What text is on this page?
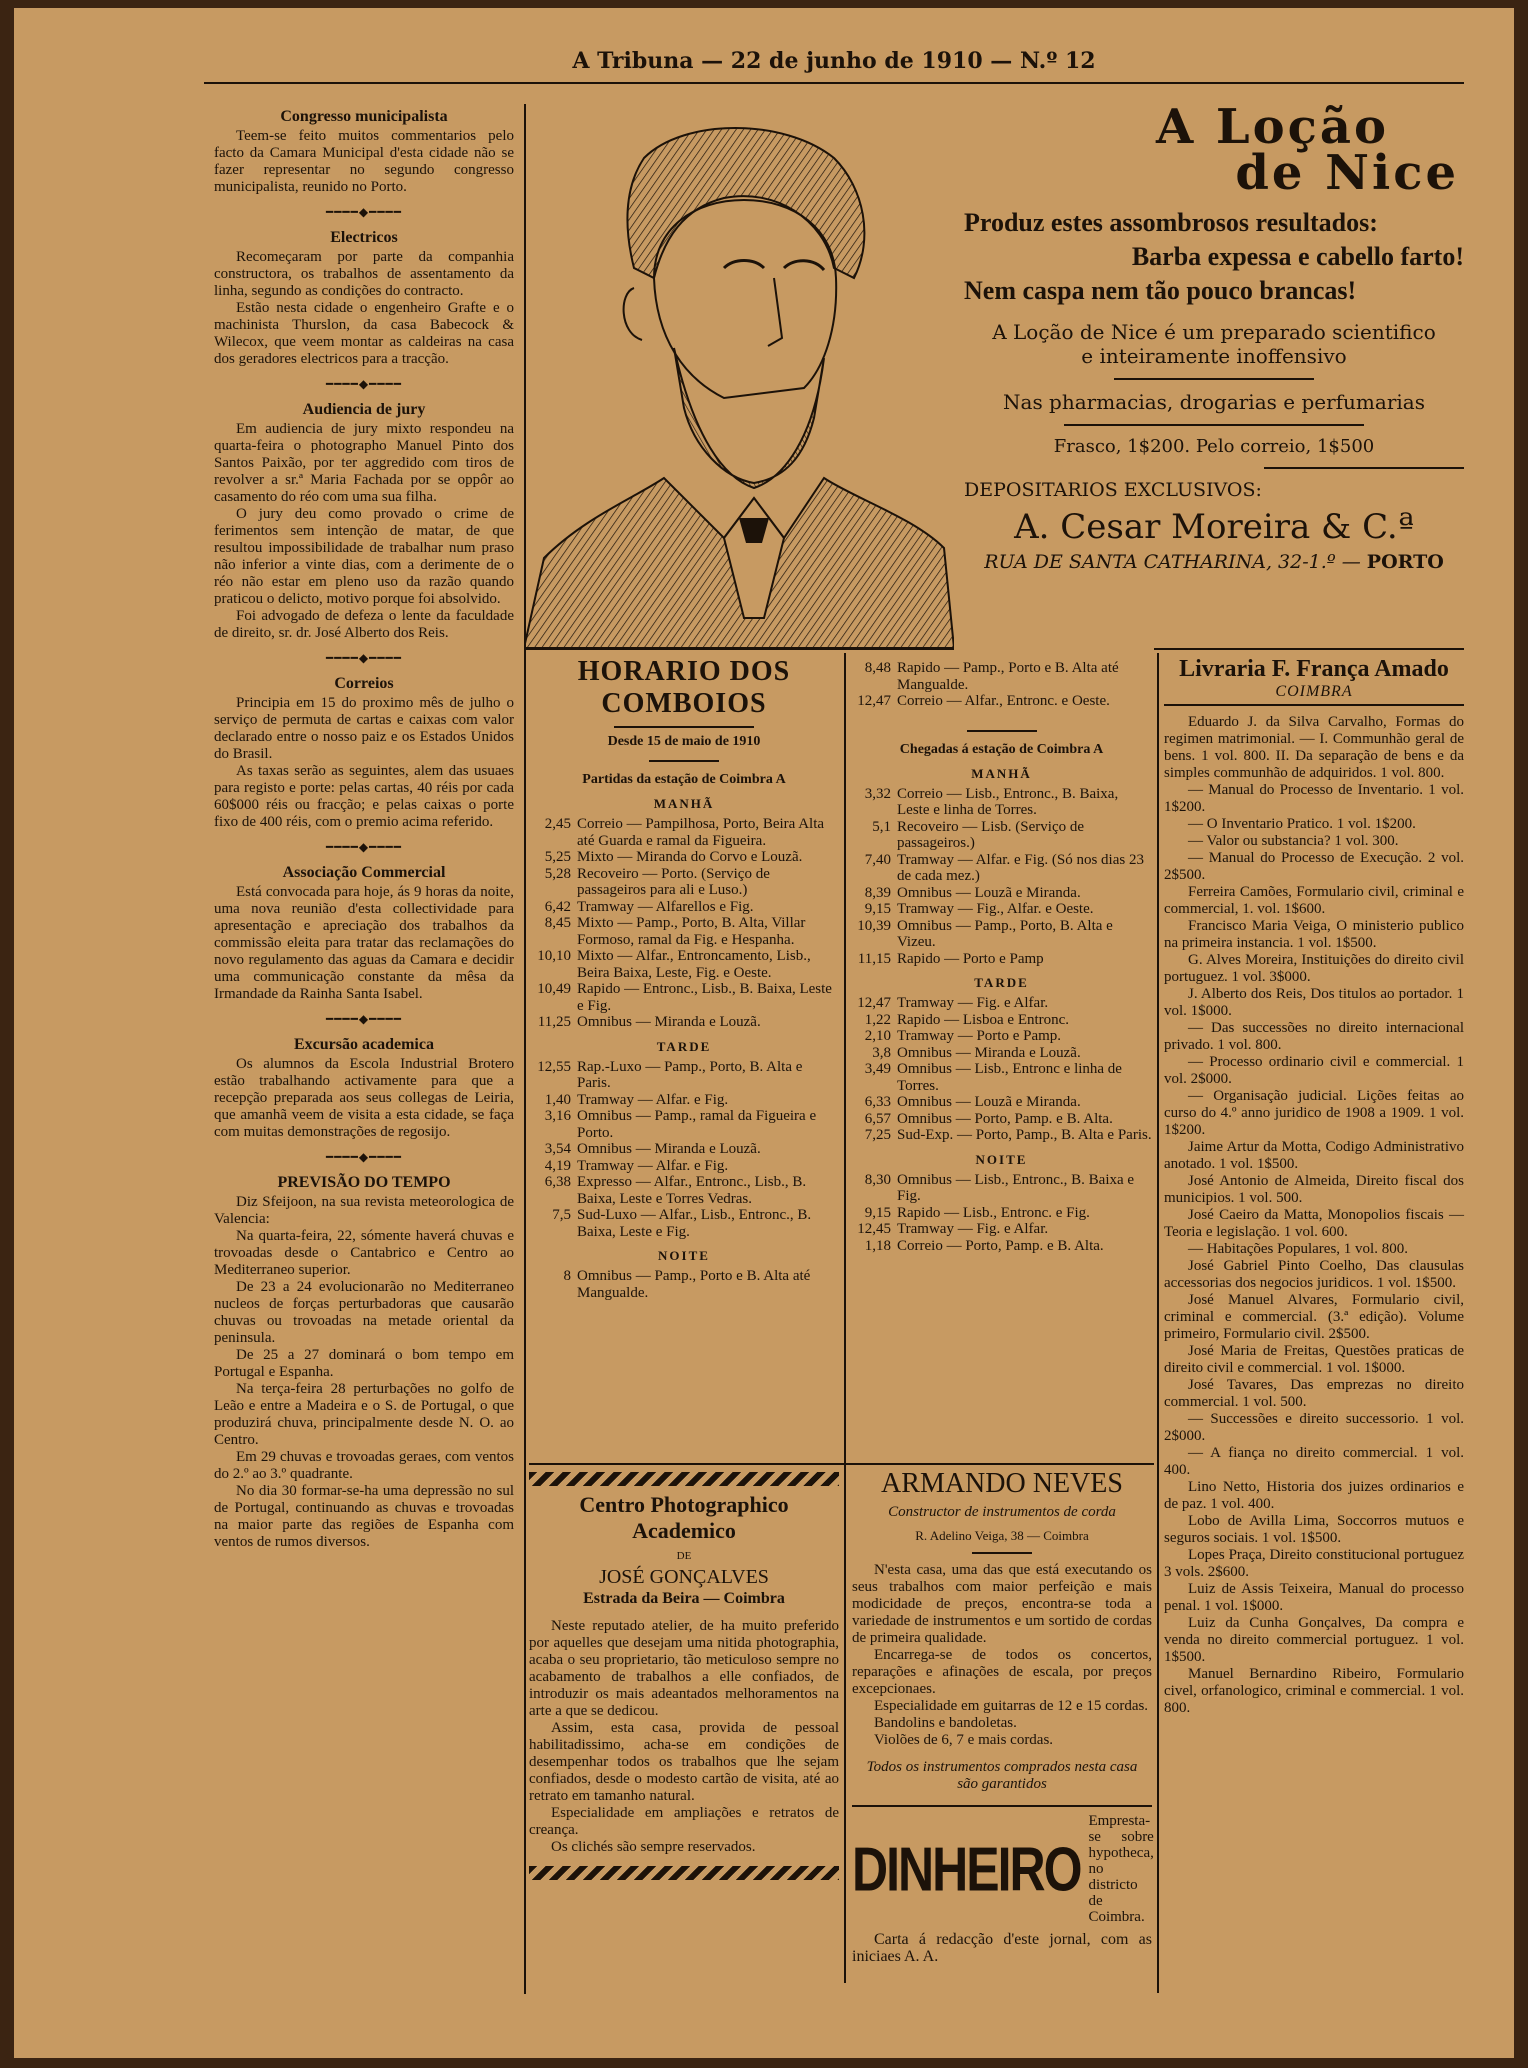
A Tribuna — 22 de junho de 1910 — N.º 12
Congresso municipalista

Teem-se feito muitos commentarios pelo facto da Camara Municipal d'esta cidade não se fazer representar no segundo congresso municipalista, reunido no Porto.

━━━━◆━━━━
Electricos

Recomeçaram por parte da companhia constructora, os trabalhos de assentamento da linha, segundo as condições do contracto.

Estão nesta cidade o engenheiro Grafte e o machinista Thurslon, da casa Babecock & Wilecox, que veem montar as caldeiras na casa dos geradores electricos para a tracção.

━━━━◆━━━━
Audiencia de jury

Em audiencia de jury mixto respondeu na quarta-feira o photographo Manuel Pinto dos Santos Paixão, por ter aggredido com tiros de revolver a sr.ª Maria Fachada por se oppôr ao casamento do réo com uma sua filha.

O jury deu como provado o crime de ferimentos sem intenção de matar, de que resultou impossibilidade de trabalhar num praso não inferior a vinte dias, com a derimente de o réo não estar em pleno uso da razão quando praticou o delicto, motivo porque foi absolvido.

Foi advogado de defeza o lente da faculdade de direito, sr. dr. José Alberto dos Reis.

━━━━◆━━━━
Correios

Principia em 15 do proximo mês de julho o serviço de permuta de cartas e caixas com valor declarado entre o nosso paiz e os Estados Unidos do Brasil.

As taxas serão as seguintes, alem das usuaes para registo e porte: pelas cartas, 40 réis por cada 60$000 réis ou fracção; e pelas caixas o porte fixo de 400 réis, com o premio acima referido.

━━━━◆━━━━
Associação Commercial

Está convocada para hoje, ás 9 horas da noite, uma nova reunião d'esta collectividade para apresentação e apreciação dos trabalhos da commissão eleita para tratar das reclamações do novo regulamento das aguas da Camara e decidir uma communicação constante da mêsa da Irmandade da Rainha Santa Isabel.

━━━━◆━━━━
Excursão academica

Os alumnos da Escola Industrial Brotero estão trabalhando activamente para que a recepção preparada aos seus collegas de Leiria, que amanhã veem de visita a esta cidade, se faça com muitas demonstrações de regosijo.

━━━━◆━━━━
PREVISÃO DO TEMPO

Diz Sfeijoon, na sua revista meteorologica de Valencia:

Na quarta-feira, 22, sómente haverá chuvas e trovoadas desde o Cantabrico e Centro ao Mediterraneo superior.

De 23 a 24 evolucionarão no Mediterraneo nucleos de forças perturbadoras que causarão chuvas ou trovoadas na metade oriental da peninsula.

De 25 a 27 dominará o bom tempo em Portugal e Espanha.

Na terça-feira 28 perturbações no golfo de Leão e entre a Madeira e o S. de Portugal, o que produzirá chuva, principalmente desde N. O. ao Centro.

Em 29 chuvas e trovoadas geraes, com ventos do 2.º ao 3.º quadrante.

No dia 30 formar-se-ha uma depressão no sul de Portugal, continuando as chuvas e trovoadas na maior parte das regiões de Espanha com ventos de rumos diversos.

A Loção
de Nice
Produz estes assombrosos resultados:
Barba expessa e cabello farto!
Nem caspa nem tão pouco brancas!
A Loção de Nice é um preparado scientifico e inteiramente inoffensivo
Nas pharmacias, drogarias e perfumarias
Frasco, 1$200. Pelo correio, 1$500
DEPOSITARIOS EXCLUSIVOS:
A. Cesar Moreira & C.ª
RUA DE SANTA CATHARINA, 32-1.º — PORTO
HORARIO DOS COMBOIOS
Desde 15 de maio de 1910
Partidas da estação de Coimbra A
MANHÃ
2,45 Correio — Pampilhosa, Porto, Beira Alta até Guarda e ramal da Figueira.
5,25 Mixto — Miranda do Corvo e Louzã.
5,28 Recoveiro — Porto. (Serviço de passageiros para ali e Luso.)
6,42 Tramway — Alfarellos e Fig.
8,45 Mixto — Pamp., Porto, B. Alta, Villar Formoso, ramal da Fig. e Hespanha.
10,10 Mixto — Alfar., Entroncamento, Lisb., Beira Baixa, Leste, Fig. e Oeste.
10,49 Rapido — Entronc., Lisb., B. Baixa, Leste e Fig.
11,25 Omnibus — Miranda e Louzã.
TARDE
12,55 Rap.-Luxo — Pamp., Porto, B. Alta e Paris.
1,40 Tramway — Alfar. e Fig.
3,16 Omnibus — Pamp., ramal da Figueira e Porto.
3,54 Omnibus — Miranda e Louzã.
4,19 Tramway — Alfar. e Fig.
6,38 Expresso — Alfar., Entronc., Lisb., B. Baixa, Leste e Torres Vedras.
7,5 Sud-Luxo — Alfar., Lisb., Entronc., B. Baixa, Leste e Fig.
NOITE
8 Omnibus — Pamp., Porto e B. Alta até Mangualde.
8,48 Rapido — Pamp., Porto e B. Alta até Mangualde.
12,47 Correio — Alfar., Entronc. e Oeste.
Chegadas á estação de Coimbra A
MANHÃ
3,32 Correio — Lisb., Entronc., B. Baixa, Leste e linha de Torres.
5,1 Recoveiro — Lisb. (Serviço de passageiros.)
7,40 Tramway — Alfar. e Fig. (Só nos dias 23 de cada mez.)
8,39 Omnibus — Louzã e Miranda.
9,15 Tramway — Fig., Alfar. e Oeste.
10,39 Omnibus — Pamp., Porto, B. Alta e Vizeu.
11,15 Rapido — Porto e Pamp
TARDE
12,47 Tramway — Fig. e Alfar.
1,22 Rapido — Lisboa e Entronc.
2,10 Tramway — Porto e Pamp.
3,8 Omnibus — Miranda e Louzã.
3,49 Omnibus — Lisb., Entronc e linha de Torres.
6,33 Omnibus — Louzã e Miranda.
6,57 Omnibus — Porto, Pamp. e B. Alta.
7,25 Sud-Exp. — Porto, Pamp., B. Alta e Paris.
NOITE
8,30 Omnibus — Lisb., Entronc., B. Baixa e Fig.
9,15 Rapido — Lisb., Entronc. e Fig.
12,45 Tramway — Fig. e Alfar.
1,18 Correio — Porto, Pamp. e B. Alta.
Livraria F. França Amado
COIMBRA

Eduardo J. da Silva Carvalho, Formas do regimen matrimonial. — I. Communhão geral de bens. 1 vol. 800. II. Da separação de bens e da simples communhão de adquiridos. 1 vol. 800.

— Manual do Processo de Inventario. 1 vol. 1$200.

— O Inventario Pratico. 1 vol. 1$200.

— Valor ou substancia? 1 vol. 300.

— Manual do Processo de Execução. 2 vol. 2$500.

Ferreira Camões, Formulario civil, criminal e commercial, 1. vol. 1$600.

Francisco Maria Veiga, O ministerio publico na primeira instancia. 1 vol. 1$500.

G. Alves Moreira, Instituições do direito civil portuguez. 1 vol. 3$000.

J. Alberto dos Reis, Dos titulos ao portador. 1 vol. 1$000.

— Das successões no direito internacional privado. 1 vol. 800.

— Processo ordinario civil e commercial. 1 vol. 2$000.

— Organisação judicial. Lições feitas ao curso do 4.º anno juridico de 1908 a 1909. 1 vol. 1$200.

Jaime Artur da Motta, Codigo Administrativo anotado. 1 vol. 1$500.

José Antonio de Almeida, Direito fiscal dos municipios. 1 vol. 500.

José Caeiro da Matta, Monopolios fiscais — Teoria e legislação. 1 vol. 600.

— Habitações Populares, 1 vol. 800.

José Gabriel Pinto Coelho, Das clausulas accessorias dos negocios juridicos. 1 vol. 1$500.

José Manuel Alvares, Formulario civil, criminal e commercial. (3.ª edição). Volume primeiro, Formulario civil. 2$500.

José Maria de Freitas, Questões praticas de direito civil e commercial. 1 vol. 1$000.

José Tavares, Das emprezas no direito commercial. 1 vol. 500.

— Successões e direito successorio. 1 vol. 2$000.

— A fiança no direito commercial. 1 vol. 400.

Lino Netto, Historia dos juizes ordinarios e de paz. 1 vol. 400.

Lobo de Avilla Lima, Soccorros mutuos e seguros sociais. 1 vol. 1$500.

Lopes Praça, Direito constitucional portuguez 3 vols. 2$600.

Luiz de Assis Teixeira, Manual do processo penal. 1 vol. 1$000.

Luiz da Cunha Gonçalves, Da compra e venda no direito commercial portuguez. 1 vol. 1$500.

Manuel Bernardino Ribeiro, Formulario civel, orfanologico, criminal e commercial. 1 vol. 800.

Centro Photographico Academico
DE
JOSÉ GONÇALVES
Estrada da Beira — Coimbra

Neste reputado atelier, de ha muito preferido por aquelles que desejam uma nitida photographia, acaba o seu proprietario, tão meticuloso sempre no acabamento de trabalhos a elle confiados, de introduzir os mais adeantados melhoramentos na arte a que se dedicou.

Assim, esta casa, provida de pessoal habilitadissimo, acha-se em condições de desempenhar todos os trabalhos que lhe sejam confiados, desde o modesto cartão de visita, até ao retrato em tamanho natural.

Especialidade em ampliações e retratos de creança.

Os clichés são sempre reservados.

ARMANDO NEVES
Constructor de instrumentos de corda
R. Adelino Veiga, 38 — Coimbra

N'esta casa, uma das que está executando os seus trabalhos com maior perfeição e mais modicidade de preços, encontra-se toda a variedade de instrumentos e um sortido de cordas de primeira qualidade.

Encarrega-se de todos os concertos, reparações e afinações de escala, por preços excepcionaes.

Especialidade em guitarras de 12 e 15 cordas.

Bandolins e bandoletas.

Violões de 6, 7 e mais cordas.

Todos os instrumentos comprados nesta casa são garantidos
DINHEIRO
Empresta-se sobre hypotheca, no districto de Coimbra.
Carta á redacção d'este jornal, com as iniciaes A. A.
